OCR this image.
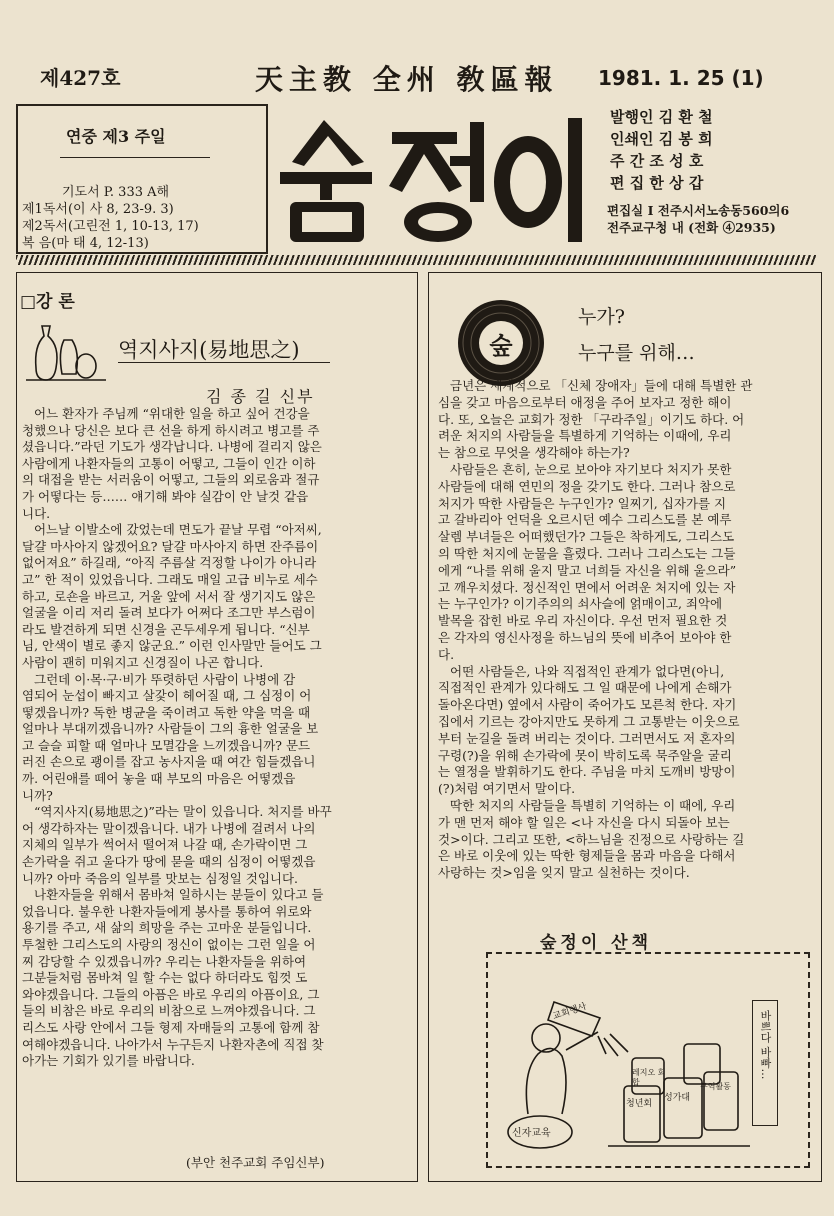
제427호	天主教 全州 敎區報 1981. 1. 25 (1)
연중 제3 주일
기도서 P. 333 A해
제1독서(이 사 8, 23-9. 3)
제2독서(고린전 1, 10-13, 17)
복 음(마 태 4, 12-13)
발행인 김 환 철
인쇄인 김 봉 희
주 간 조 성 호
편 집 한 상 갑
편집실 I 전주시서노송동560의6
전주교구청 내 (전화 ④2935)
□강 론
역지사지(易地思之)
김 종 길 신부
어느 환자가 주님께 “위대한 일을 하고 싶어 건강을
청했으나 당신은 보다 큰 선을 하게 하시려고 병고를 주
셨읍니다.”라던 기도가 생각납니다. 나병에 걸리지 않은
사람에게 나환자들의 고통이 어떻고, 그들이 인간 이하
의 대접을 받는 서러움이 어떻고, 그들의 외로움과 절규
가 어떻다는 등…… 얘기해 봐야 실감이 안 날것 같읍
니다.
어느날 이발소에 갔었는데 면도가 끝날 무렵 “아저씨,
달걀 마사아지 않겠어요? 달걀 마사아지 하면 잔주름이
없어져요” 하길래, “아직 주름살 걱정할 나이가 아니라
고” 한 적이 있었읍니다. 그래도 매일 고급 비누로 세수
하고, 로숀을 바르고, 거울 앞에 서서 잘 생기지도 않은
얼굴을 이리 저리 돌려 보다가 어쩌다 조그만 부스럼이
라도 발견하게 되면 신경을 곤두세우게 됩니다. “신부
님, 안색이 별로 좋지 않군요.” 이런 인사말만 들어도 그
사람이 괜히 미워지고 신경질이 나곤 합니다.
그런데 이·목·구·비가 뚜렷하던 사람이 나병에 감
염되어 눈섭이 빠지고 살갗이 헤어질 때, 그 심정이 어
떻겠읍니까? 독한 병균을 죽이려고 독한 약을 먹을 때
얼마나 부대끼겠읍니까? 사람들이 그의 흉한 얼굴을 보
고 슬슬 피할 때 얼마나 모멸감을 느끼겠읍니까? 문드
러진 손으로 괭이를 잡고 농사지을 때 여간 힘들겠읍니
까. 어린애를 떼어 놓을 때 부모의 마음은 어떻겠읍
니까?
“역지사지(易地思之)”라는 말이 있읍니다. 처지를 바꾸
어 생각하자는 말이겠읍니다. 내가 나병에 걸려서 나의
지체의 일부가 썩어서 떨어져 나갈 때, 손가락이면 그
손가락을 쥐고 울다가 땅에 묻을 때의 심정이 어떻겠읍
니까? 아마 죽음의 일부를 맛보는 심정일 것입니다.
나환자들을 위해서 몸바쳐 일하시는 분들이 있다고 들
었읍니다. 불우한 나환자들에게 봉사를 통하여 위로와
용기를 주고, 새 삶의 희망을 주는 고마운 분들입니다.
투철한 그리스도의 사랑의 정신이 없이는 그런 일을 어
찌 감당할 수 있겠읍니까? 우리는 나환자들을 위하여
그분들처럼 몸바쳐 일 할 수는 없다 하더라도 힘껏 도
와야겠읍니다. 그들의 아픔은 바로 우리의 아픔이요, 그
들의 비참은 바로 우리의 비참으로 느껴야겠읍니다. 그
리스도 사랑 안에서 그들 형제 자매들의 고통에 함께 참
여해야겠읍니다. 나아가서 누구든지 나환자촌에 직접 찾
아가는 기회가 있기를 바랍니다.
(부안 천주교회 주임신부)
숲
누가?
누구를 위해…
금년은 세계적으로 「신체 장애자」들에 대해 특별한 관
심을 갖고 마음으로부터 애정을 주어 보자고 정한 해이
다. 또, 오늘은 교회가 정한 「구라주일」이기도 하다. 어
려운 처지의 사람들을 특별하게 기억하는 이때에, 우리
는 참으로 무엇을 생각해야 하는가?
사람들은 흔히, 눈으로 보아야 자기보다 처지가 못한
사람들에 대해 연민의 정을 갖기도 한다. 그러나 참으로
처지가 딱한 사람들은 누구인가? 일찌기, 십자가를 지
고 갈바리아 언덕을 오르시던 예수 그리스도를 본 예루
살렘 부녀들은 어떠했던가? 그들은 착하게도, 그리스도
의 딱한 처지에 눈물을 흘렸다. 그러나 그리스도는 그들
에게 “나를 위해 울지 말고 너희들 자신을 위해 울으라”
고 깨우치셨다. 정신적인 면에서 어려운 처지에 있는 자
는 누구인가? 이기주의의 쇠사슬에 얽매이고, 죄악에
발목을 잡힌 바로 우리 자신이다. 우선 먼저 필요한 것
은 각자의 영신사정을 하느님의 뜻에 비추어 보아야 한
다.
어떤 사람들은, 나와 직접적인 관계가 없다면(아니,
직접적인 관계가 있다해도 그 일 때문에 나에게 손해가
돌아온다면) 옆에서 사람이 죽어가도 모른척 한다. 자기
집에서 기르는 강아지만도 못하게 그 고통받는 이웃으로
부터 눈길을 돌려 버리는 것이다. 그러면서도 저 혼자의
구령(?)을 위해 손가락에 못이 박히도록 묵주알을 굴리
는 열정을 발휘하기도 한다. 주님을 마치 도깨비 방망이
(?)처럼 여기면서 말이다.
딱한 처지의 사람들을 특별히 기억하는 이 때에, 우리
가 맨 먼저 해야 할 일은 <나 자신을 다시 되돌아 보는
것>이다. 그리고 또한, <하느님을 진정으로 사랑하는 길
은 바로 이웃에 있는 딱한 형제들을 몸과 마음을 다해서
사랑하는 것>임을 잊지 말고 실천하는 것이다.
숲정이 산책
신자교육
교회행사
레지오 회합
청년회
성가대
구역활동
바쁘다 바빠…
